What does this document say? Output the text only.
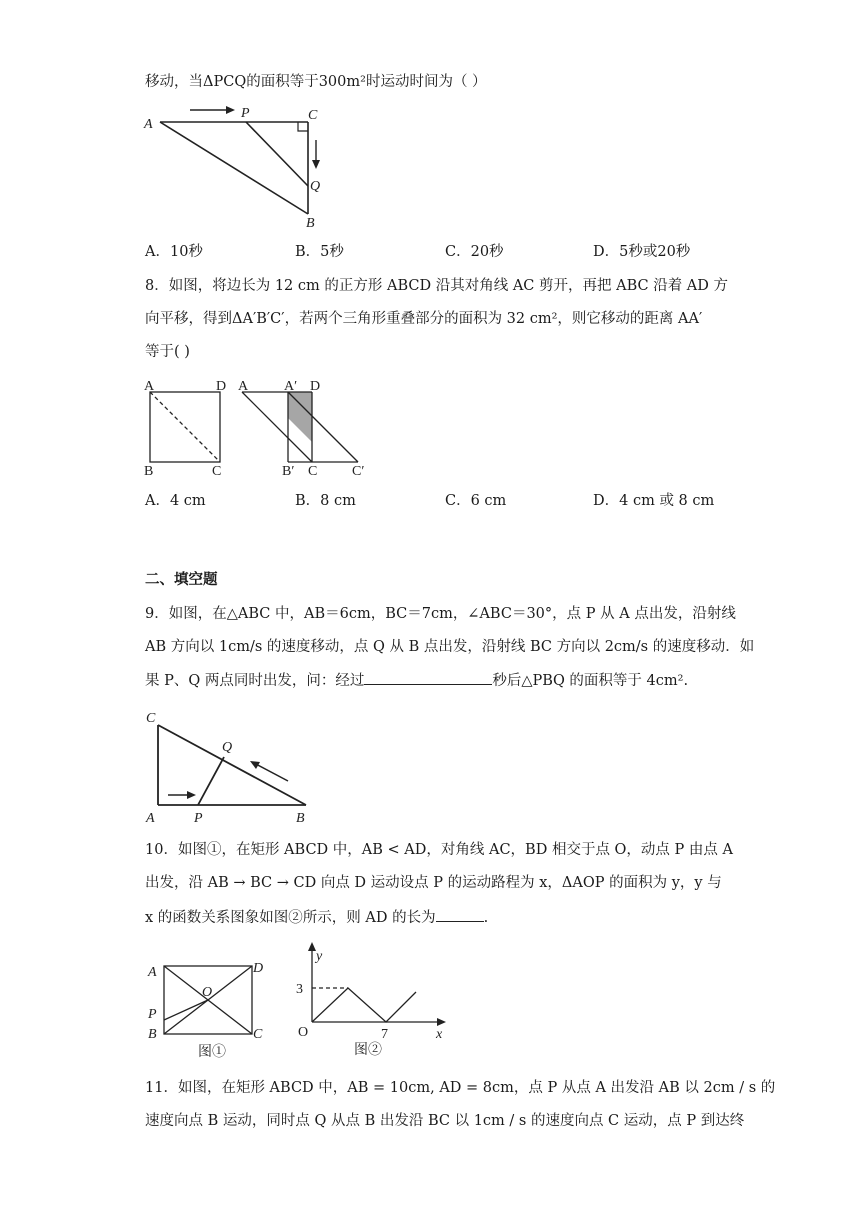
移动，当ΔPCQ的面积等于300m²时运动时间为（ ）
A
P	C
Q
B
A．10秒	B．5秒	C．20秒	D．5秒或20秒
8．如图，将边长为 12 cm 的正方形 ABCD 沿其对角线 AC 剪开，再把 ABC 沿着 AD 方
向平移，得到ΔA′B′C′，若两个三角形重叠部分的面积为 32 cm²，则它移动的距离 AA′
等于( )
A	D
B	C
A	A′ D
B′ C C′
A．4 cm	B．8 cm	C．6 cm	D．4 cm 或 8 cm
二、填空题
9．如图，在△ABC 中，AB＝6cm，BC＝7cm，∠ABC＝30°，点 P 从 A 点出发，沿射线
AB 方向以 1cm/s 的速度移动，点 Q 从 B 点出发，沿射线 BC 方向以 2cm/s 的速度移动．如
果 P、Q 两点同时出发，问：经过	秒后△PBQ 的面积等于 4cm².
C
Q
A	P	B
10．如图①，在矩形 ABCD 中，AB < AD，对角线 AC，BD 相交于点 O，动点 P 由点 A
出发，沿 AB → BC → CD 向点 D 运动设点 P 的运动路程为 x，ΔAOP 的面积为 y，y 与
x 的函数关系图象如图②所示，则 AD 的长为	.
A	D
O
P
B	C
图①
y
x
O
3
7
图②
11．如图，在矩形 ABCD 中，AB = 10cm, AD = 8cm，点 P 从点 A 出发沿 AB 以 2cm / s 的
速度向点 B 运动，同时点 Q 从点 B 出发沿 BC 以 1cm / s 的速度向点 C 运动，点 P 到达终
